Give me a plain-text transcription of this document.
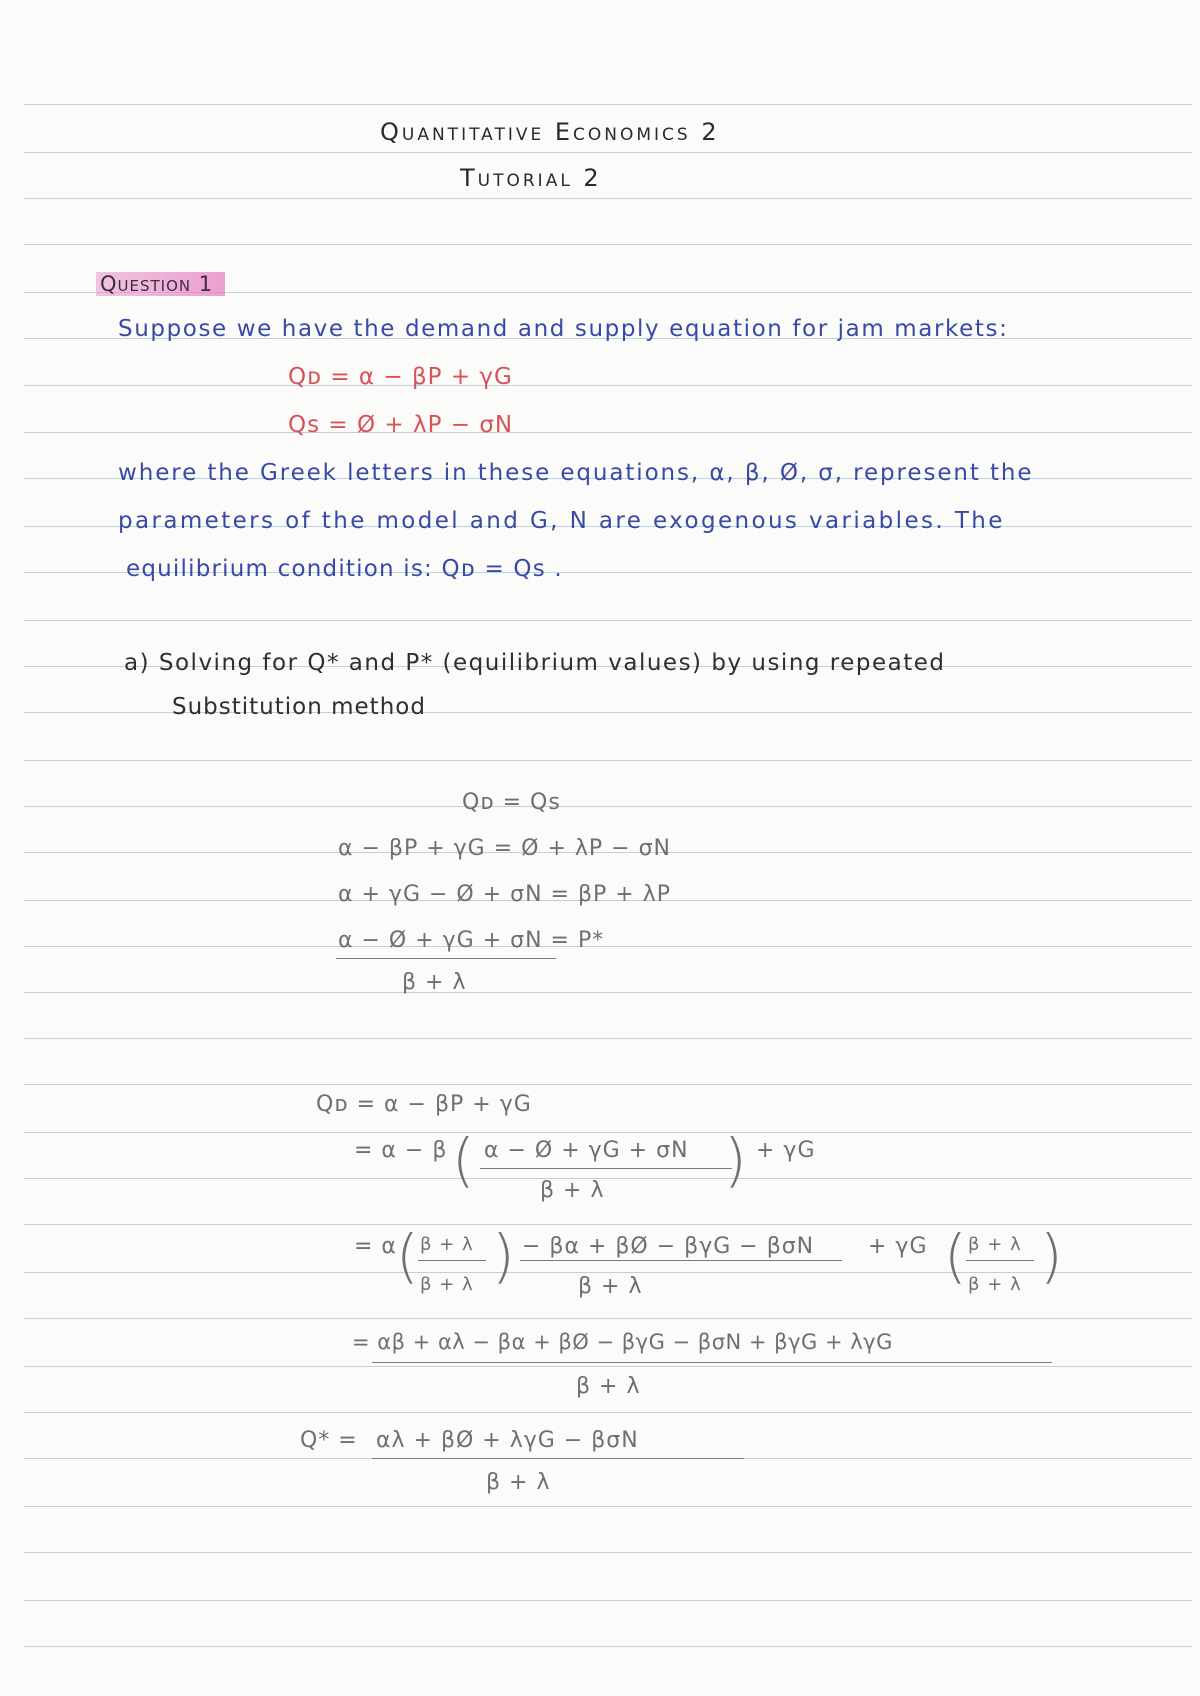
Quantitative Economics 2
Tutorial 2
Question 1
Suppose we have the demand and supply equation for jam markets:
Qᴅ = α − βP + γG
Qs = Ø + λP − σN
where the Greek letters in these equations, α, β, Ø, σ, represent the
parameters of the model and G, N are exogenous variables. The
equilibrium condition is: Qᴅ = Qs .
a) Solving for Q* and P* (equilibrium values) by using repeated
Substitution method
Qᴅ = Qs
α − βP + γG = Ø + λP − σN
α + γG − Ø + σN = βP + λP
α − Ø + γG + σN = P*
β + λ
Qᴅ = α − βP + γG
= α − β ( α − Ø + γG + σN
β + λ ) + γG
= α ( β + λ
β + λ ) − βα + βØ − βγG − βσN
β + λ
+ γG ( β + λ
β + λ )
= αβ + αλ − βα + βØ − βγG − βσN + βγG + λγG
β + λ
Q* = αλ + βØ + λγG − βσN
β + λ
